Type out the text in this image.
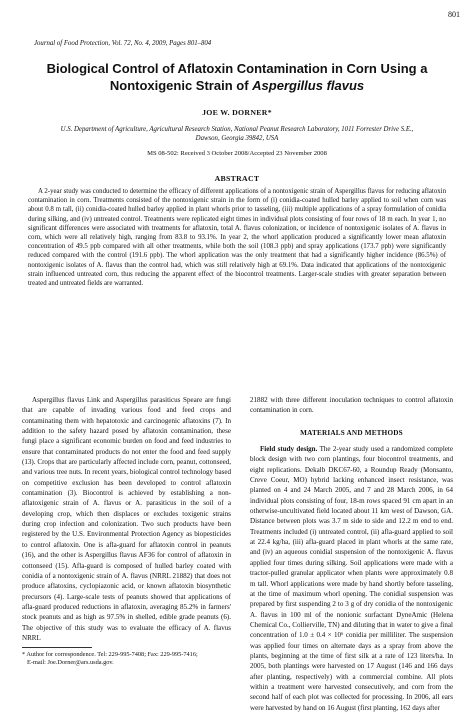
801
Journal of Food Protection, Vol. 72, No. 4, 2009, Pages 801–804
Biological Control of Aflatoxin Contamination in Corn Using a
Nontoxigenic Strain of Aspergillus flavus
JOE W. DORNER*
U.S. Department of Agriculture, Agricultural Research Station, National Peanut Research Laboratory, 1011 Forrester Drive S.E.,
Dawson, Georgia 39842, USA
MS 08-502: Received 3 October 2008/Accepted 23 November 2008
ABSTRACT

A 2-year study was conducted to determine the efficacy of different applications of a nontoxigenic strain of Aspergillus flavus for reducing aflatoxin contamination in corn. Treatments consisted of the nontoxigenic strain in the form of (i) conidia-coated hulled barley applied to soil when corn was about 0.8 m tall, (ii) conidia-coated hulled barley applied in plant whorls prior to tasseling, (iii) multiple applications of a spray formulation of conidia during silking, and (iv) untreated control. Treatments were replicated eight times in individual plots consisting of four rows of 18 m each. In year 1, no significant differences were associated with treatments for aflatoxin, total A. flavus colonization, or incidence of nontoxigenic isolates of A. flavus in corn, which were all relatively high, ranging from 83.8 to 93.1%. In year 2, the whorl application produced a significantly lower mean aflatoxin concentration of 49.5 ppb compared with all other treatments, while both the soil (108.3 ppb) and spray applications (173.7 ppb) were significantly reduced compared with the control (191.6 ppb). The whorl application was the only treatment that had a significantly higher incidence (86.5%) of nontoxigenic isolates of A. flavus than the control had, which was still relatively high at 69.1%. Data indicated that applications of the nontoxigenic strain influenced untreated corn, thus reducing the apparent effect of the biocontrol treatments. Larger-scale studies with greater separation between treated and untreated fields are warranted.

Aspergillus flavus Link and Aspergillus parasiticus Speare are fungi that are capable of invading various food and feed crops and contaminating them with hepatotoxic and carcinogenic aflatoxins (7). In addition to the safety hazard posed by aflatoxin contamination, these fungi place a significant economic burden on food and feed industries to ensure that contaminated products do not enter the food and feed supply (13). Crops that are particularly affected include corn, peanut, cottonseed, and various tree nuts. In recent years, biological control technology based on competitive exclusion has been developed to control aflatoxin contamination (3). Biocontrol is achieved by establishing a non-aflatoxigenic strain of A. flavus or A. parasiticus in the soil of a developing crop, which then displaces or excludes toxigenic strains during crop infection and colonization. Two such products have been registered by the U.S. Environmental Protection Agency as biopesticides to control aflatoxin. One is afla-guard for aflatoxin control in peanuts (16), and the other is Aspergillus flavus AF36 for control of aflatoxin in cottonseed (15). Afla-guard is composed of hulled barley coated with conidia of a nontoxigenic strain of A. flavus (NRRL 21882) that does not produce aflatoxins, cyclopiazonic acid, or known aflatoxin biosynthetic precursors (4). Large-scale tests of peanuts showed that applications of afla-guard produced reductions in aflatoxin, averaging 85.2% in farmers' stock peanuts and as high as 97.5% in shelled, edible grade peanuts (6). The objective of this study was to evaluate the efficacy of A. flavus NRRL

21882 with three different inoculation techniques to control aflatoxin contamination in corn.

MATERIALS AND METHODS

Field study design. The 2-year study used a randomized complete block design with two corn plantings, four biocontrol treatments, and eight replications. Dekalb DKC67-60, a Roundup Ready (Monsanto, Creve Coeur, MO) hybrid lacking enhanced insect resistance, was planted on 4 and 24 March 2005, and 7 and 28 March 2006, in 64 individual plots consisting of four, 18-m rows spaced 91 cm apart in an otherwise-uncultivated field located about 11 km west of Dawson, GA. Distance between plots was 3.7 m side to side and 12.2 m end to end. Treatments included (i) untreated control, (ii) afla-guard applied to soil at 22.4 kg/ha, (iii) afla-guard placed in plant whorls at the same rate, and (iv) an aqueous conidial suspension of the nontoxigenic A. flavus applied four times during silking. Soil applications were made with a tractor-pulled granular applicator when plants were approximately 0.8 m tall. Whorl applications were made by hand shortly before tasseling, at the time of maximum whorl opening. The conidial suspension was prepared by first suspending 2 to 3 g of dry conidia of the nontoxigenic A. flavus in 100 ml of the nonionic surfactant DyneAmic (Helena Chemical Co., Collierville, TN) and diluting that in water to give a final concentration of 1.0 ± 0.4 × 10⁶ conidia per milliliter. The suspension was applied four times on alternate days as a spray from above the plants, beginning at the time of first silk at a rate of 123 liters/ha. In 2005, both plantings were harvested on 17 August (146 and 166 days after planting, respectively) with a commercial combine. All plots within a treatment were harvested consecutively, and corn from the second half of each plot was collected for processing. In 2006, all ears were harvested by hand on 16 August (first planting, 162 days after

* Author for correspondence. Tel: 229-995-7408; Fax: 229-995-7416;
E-mail: Joe.Dorner@ars.usda.gov.
